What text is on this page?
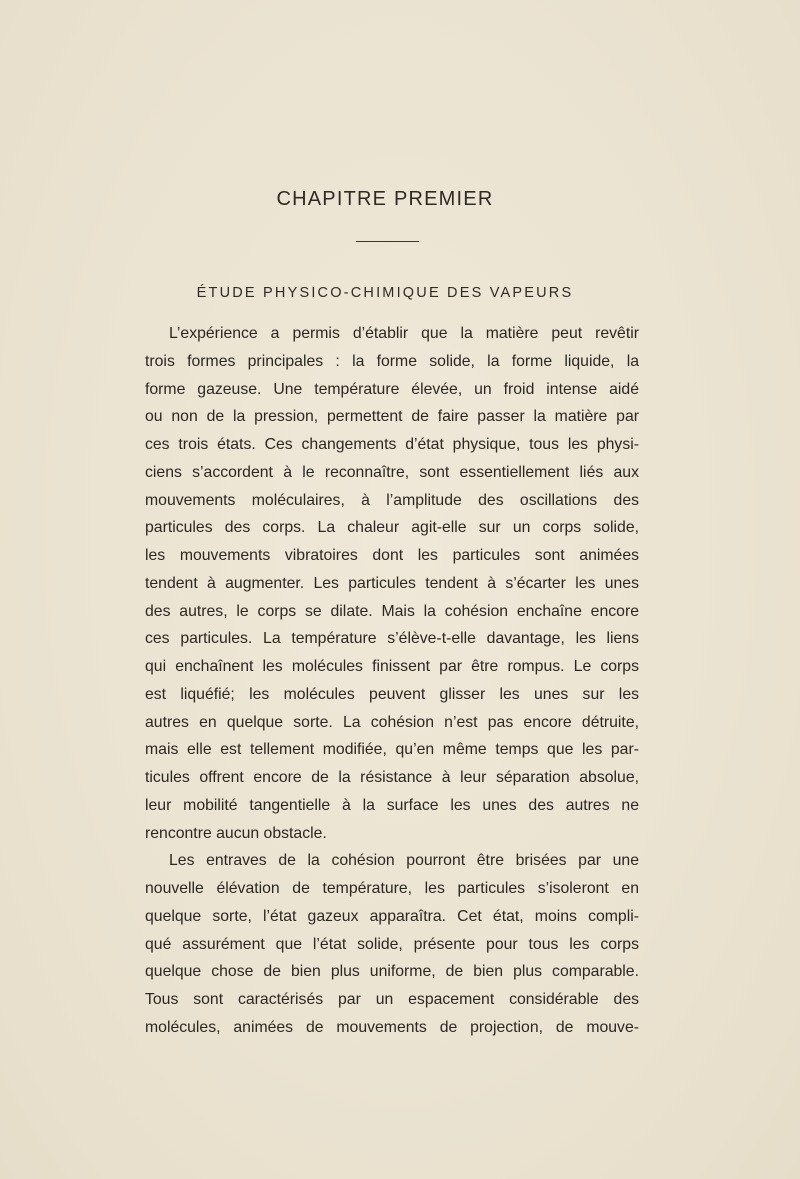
CHAPITRE PREMIER
ÉTUDE PHYSICO-CHIMIQUE DES VAPEURS
L’expérience a permis d’établir que la matière peut revêtir
trois formes principales : la forme solide, la forme liquide, la
forme gazeuse. Une température élevée, un froid intense aidé
ou non de la pression, permettent de faire passer la matière par
ces trois états. Ces changements d’état physique, tous les physi-
ciens s’accordent à le reconnaître, sont essentiellement liés aux
mouvements moléculaires, à l’amplitude des oscillations des
particules des corps. La chaleur agit-elle sur un corps solide,
les mouvements vibratoires dont les particules sont animées
tendent à augmenter. Les particules tendent à s’écarter les unes
des autres, le corps se dilate. Mais la cohésion enchaîne encore
ces particules. La température s’élève-t-elle davantage, les liens
qui enchaînent les molécules finissent par être rompus. Le corps
est liquéfié; les molécules peuvent glisser les unes sur les
autres en quelque sorte. La cohésion n’est pas encore détruite,
mais elle est tellement modifiée, qu’en même temps que les par-
ticules offrent encore de la résistance à leur séparation absolue,
leur mobilité tangentielle à la surface les unes des autres ne
rencontre aucun obstacle.
Les entraves de la cohésion pourront être brisées par une
nouvelle élévation de température, les particules s’isoleront en
quelque sorte, l’état gazeux apparaîtra. Cet état, moins compli-
qué assurément que l’état solide, présente pour tous les corps
quelque chose de bien plus uniforme, de bien plus comparable.
Tous sont caractérisés par un espacement considérable des
molécules, animées de mouvements de projection, de mouve-
